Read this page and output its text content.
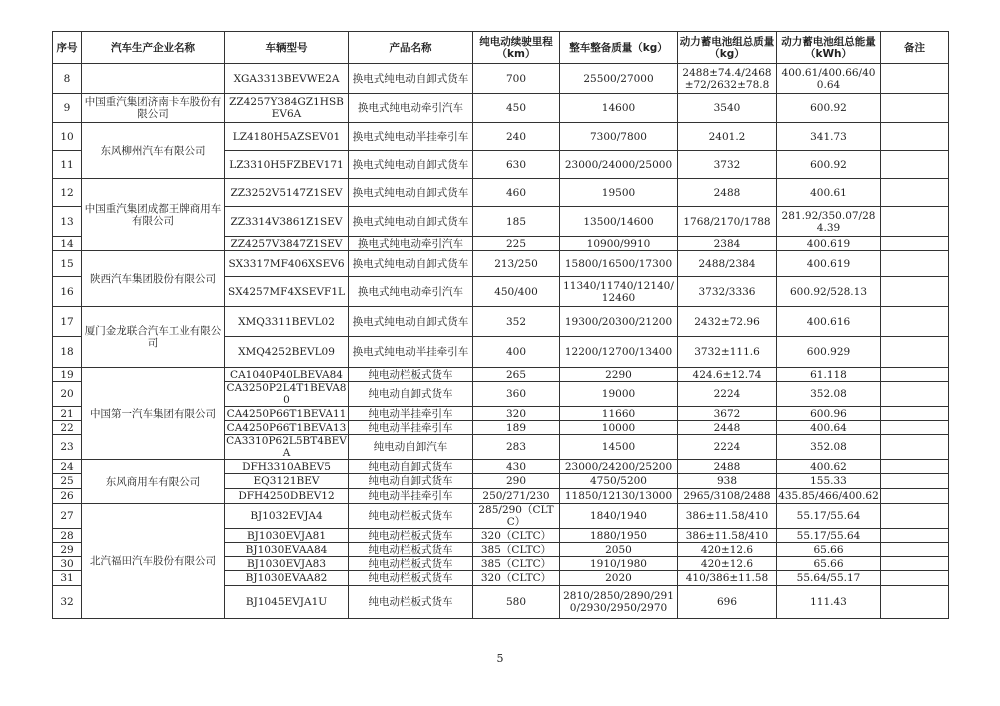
序号	汽车生产企业名称	车辆型号	产品名称	纯电动续驶里程（km）	整车整备质量（kg）	动力蓄电池组总质量（kg）	动力蓄电池组总能量（kWh）	备注
8		XGA3313BEVWE2A	换电式纯电动自卸式货车	700	25500/27000	2488±74.4/2468±72/2632±78.8	400.61/400.66/400.64	
9	中国重汽集团济南卡车股份有限公司	ZZ4257Y384GZ1HSBEV6A	换电式纯电动牵引汽车	450	14600	3540	600.92	
10	东风柳州汽车有限公司	LZ4180H5AZSEV01	换电式纯电动半挂牵引车	240	7300/7800	2401.2	341.73	
11		LZ3310H5FZBEV171	换电式纯电动自卸式货车	630	23000/24000/25000	3732	600.92	
12	中国重汽集团成都王牌商用车有限公司	ZZ3252V5147Z1SEV	换电式纯电动自卸式货车	460	19500	2488	400.61	
13		ZZ3314V3861Z1SEV	换电式纯电动自卸式货车	185	13500/14600	1768/2170/1788	281.92/350.07/284.39	
14		ZZ4257V3847Z1SEV	换电式纯电动牵引汽车	225	10900/9910	2384	400.619	
15	陕西汽车集团股份有限公司	SX3317MF406XSEV6	换电式纯电动自卸式货车	213/250	15800/16500/17300	2488/2384	400.619	
16		SX4257MF4XSEVF1L	换电式纯电动牵引汽车	450/400	11340/11740/12140/12460	3732/3336	600.92/528.13	
17	厦门金龙联合汽车工业有限公司	XMQ3311BEVL02	换电式纯电动自卸式货车	352	19300/20300/21200	2432±72.96	400.616	
18		XMQ4252BEVL09	换电式纯电动半挂牵引车	400	12200/12700/13400	3732±111.6	600.929	
19	中国第一汽车集团有限公司	CA1040P40LBEVA84	纯电动栏板式货车	265	2290	424.6±12.74	61.118	
20		CA3250P2L4T1BEVA80	纯电动自卸式货车	360	19000	2224	352.08	
21		CA4250P66T1BEVA11	纯电动半挂牵引车	320	11660	3672	600.96	
22		CA4250P66T1BEVA13	纯电动半挂牵引车	189	10000	2448	400.64	
23		CA3310P62L5BT4BEVA	纯电动自卸汽车	283	14500	2224	352.08	
24	东风商用车有限公司	DFH3310ABEV5	纯电动自卸式货车	430	23000/24200/25200	2488	400.62	
25		EQ3121BEV	纯电动自卸式货车	290	4750/5200	938	155.33	
26		DFH4250DBEV12	纯电动半挂牵引车	250/271/230	11850/12130/13000	2965/3108/2488	435.85/466/400.62	
27	北汽福田汽车股份有限公司	BJ1032EVJA4	纯电动栏板式货车	285/290（CLTC）	1840/1940	386±11.58/410	55.17/55.64	
28		BJ1030EVJA81	纯电动栏板式货车	320（CLTC）	1880/1950	386±11.58/410	55.17/55.64	
29		BJ1030EVAA84	纯电动栏板式货车	385（CLTC）	2050	420±12.6	65.66	
30		BJ1030EVJA83	纯电动栏板式货车	385（CLTC）	1910/1980	420±12.6	65.66	
31		BJ1030EVAA82	纯电动栏板式货车	320（CLTC）	2020	410/386±11.58	55.64/55.17	
32		BJ1045EVJA1U	纯电动栏板式货车	580	2810/2850/2890/2910/2930/2950/2970	696	111.43	
5
